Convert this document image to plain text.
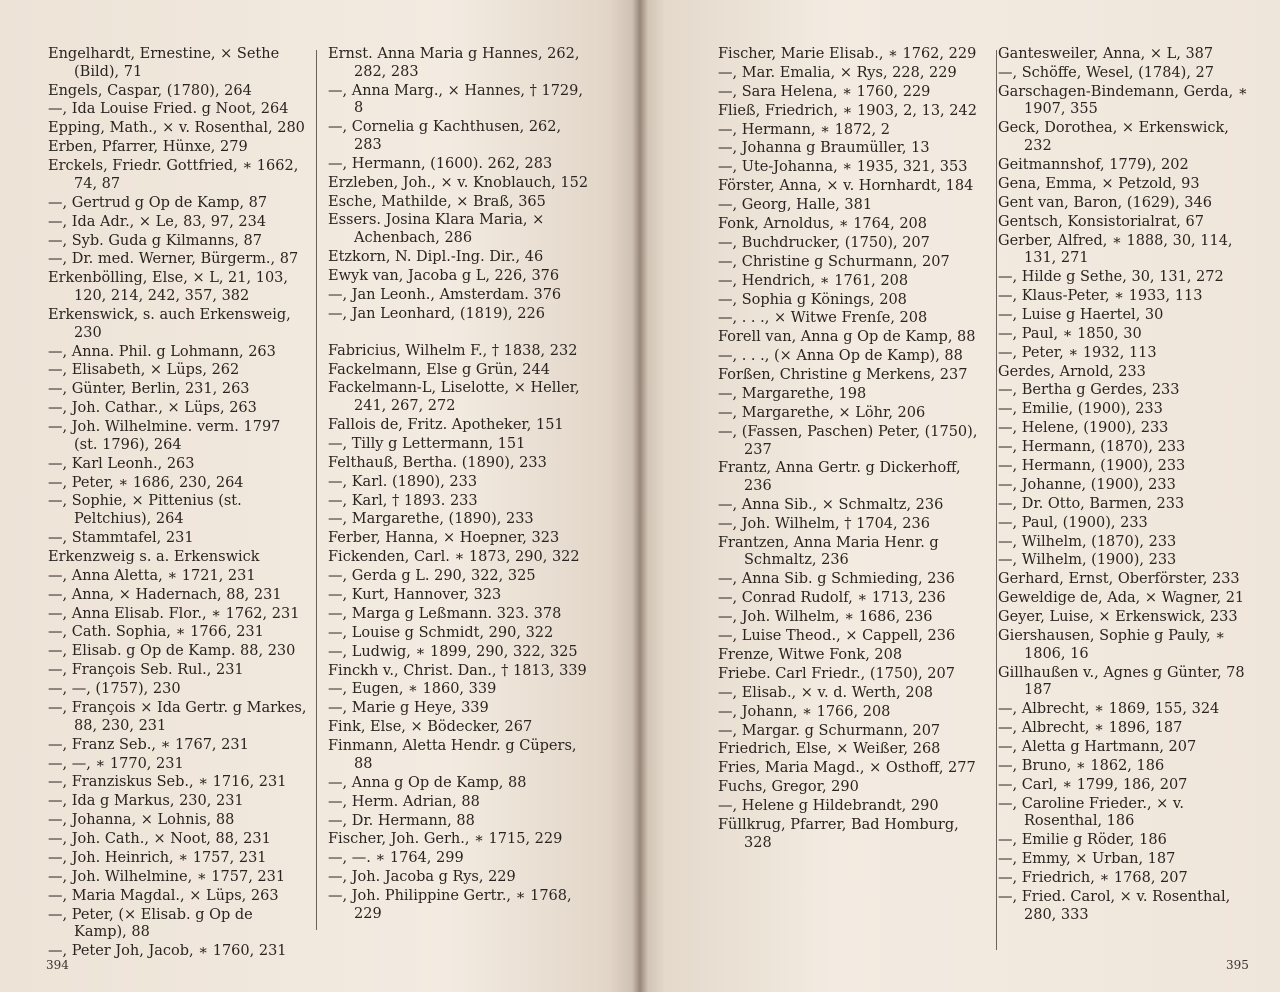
Engelhardt, Ernestine, × Sethe (Bild), 71
Engels, Caspar, (1780), 264
—, Ida Louise Fried. g Noot, 264
Epping, Math., × v. Rosenthal, 280
Erben, Pfarrer, Hünxe, 279
Erckels, Friedr. Gottfried, ∗ 1662, 74, 87
—, Gertrud g Op de Kamp, 87
—, Ida Adr., × Le, 83, 97, 234
—, Syb. Guda g Kilmanns, 87
—, Dr. med. Werner, Bürgerm., 87
Erkenbölling, Else, × L, 21, 103, 120, 214, 242, 357, 382
Erkenswick, s. auch Erkensweig, 230
—, Anna. Phil. g Lohmann, 263
—, Elisabeth, × Lüps, 262
—, Günter, Berlin, 231, 263
—, Joh. Cathar., × Lüps, 263
—, Joh. Wilhelmine. verm. 1797 (st. 1796), 264
—, Karl Leonh., 263
—, Peter, ∗ 1686, 230, 264
—, Sophie, × Pittenius (st. Peltchius), 264
—, Stammtafel, 231
Erkenzweig s. a. Erkenswick
—, Anna Aletta, ∗ 1721, 231
—, Anna, × Hadernach, 88, 231
—, Anna Elisab. Flor., ∗ 1762, 231
—, Cath. Sophia, ∗ 1766, 231
—, Elisab. g Op de Kamp. 88, 230
—, François Seb. Rul., 231
—, —, (1757), 230
—, François × Ida Gertr. g Markes, 88, 230, 231
—, Franz Seb., ∗ 1767, 231
—, —, ∗ 1770, 231
—, Franziskus Seb., ∗ 1716, 231
—, Ida g Markus, 230, 231
—, Johanna, × Lohnis, 88
—, Joh. Cath., × Noot, 88, 231
—, Joh. Heinrich, ∗ 1757, 231
—, Joh. Wilhelmine, ∗ 1757, 231
—, Maria Magdal., × Lüps, 263
—, Peter, (× Elisab. g Op de Kamp), 88
—, Peter Joh, Jacob, ∗ 1760, 231
Ernst. Anna Maria g Hannes, 262, 282, 283
—, Anna Marg., × Hannes, † 1729, 8
—, Cornelia g Kachthusen, 262, 283
—, Hermann, (1600). 262, 283
Erzleben, Joh., × v. Knoblauch, 152
Esche, Mathilde, × Braß, 365
Essers. Josina Klara Maria, × Achenbach, 286
Etzkorn, N. Dipl.-Ing. Dir., 46
Ewyk van, Jacoba g L, 226, 376
—, Jan Leonh., Amsterdam. 376
—, Jan Leonhard, (1819), 226
Fabricius, Wilhelm F., † 1838, 232
Fackelmann, Else g Grün, 244
Fackelmann-L, Liselotte, × Heller, 241, 267, 272
Fallois de, Fritz. Apotheker, 151
—, Tilly g Lettermann, 151
Felthauß, Bertha. (1890), 233
—, Karl. (1890), 233
—, Karl, † 1893. 233
—, Margarethe, (1890), 233
Ferber, Hanna, × Hoepner, 323
Fickenden, Carl. ∗ 1873, 290, 322
—, Gerda g L. 290, 322, 325
—, Kurt, Hannover, 323
—, Marga g Leßmann. 323. 378
—, Louise g Schmidt, 290, 322
—, Ludwig, ∗ 1899, 290, 322, 325
Finckh v., Christ. Dan., † 1813, 339
—, Eugen, ∗ 1860, 339
—, Marie g Heye, 339
Fink, Else, × Bödecker, 267
Finmann, Aletta Hendr. g Cüpers, 88
—, Anna g Op de Kamp, 88
—, Herm. Adrian, 88
—, Dr. Hermann, 88
Fischer, Joh. Gerh., ∗ 1715, 229
—, —. ∗ 1764, 299
—, Joh. Jacoba g Rys, 229
—, Joh. Philippine Gertr., ∗ 1768, 229
394
Fischer, Marie Elisab., ∗ 1762, 229
—, Mar. Emalia, × Rys, 228, 229
—, Sara Helena, ∗ 1760, 229
Fließ, Friedrich, ∗ 1903, 2, 13, 242
—, Hermann, ∗ 1872, 2
—, Johanna g Braumüller, 13
—, Ute-Johanna, ∗ 1935, 321, 353
Förster, Anna, × v. Hornhardt, 184
—, Georg, Halle, 381
Fonk, Arnoldus, ∗ 1764, 208
—, Buchdrucker, (1750), 207
—, Christine g Schurmann, 207
—, Hendrich, ∗ 1761, 208
—, Sophia g Könings, 208
—, . . ., × Witwe Frenſe, 208
Forell van, Anna g Op de Kamp, 88
—, . . ., (× Anna Op de Kamp), 88
Forßen, Christine g Merkens, 237
—, Margarethe, 198
—, Margarethe, × Löhr, 206
—, (Fassen, Paschen) Peter, (1750), 237
Frantz, Anna Gertr. g Dickerhoff, 236
—, Anna Sib., × Schmaltz, 236
—, Joh. Wilhelm, † 1704, 236
Frantzen, Anna Maria Henr. g Schmaltz, 236
—, Anna Sib. g Schmieding, 236
—, Conrad Rudolf, ∗ 1713, 236
—, Joh. Wilhelm, ∗ 1686, 236
—, Luise Theod., × Cappell, 236
Frenze, Witwe Fonk, 208
Friebe. Carl Friedr., (1750), 207
—, Elisab., × v. d. Werth, 208
—, Johann, ∗ 1766, 208
—, Margar. g Schurmann, 207
Friedrich, Else, × Weißer, 268
Fries, Maria Magd., × Osthoff, 277
Fuchs, Gregor, 290
—, Helene g Hildebrandt, 290
Füllkrug, Pfarrer, Bad Homburg, 328
Ganteswеiler, Anna, × L, 387
—, Schöffe, Wesel, (1784), 27
Garschagen-Bindemann, Gerda, ∗ 1907, 355
Geck, Dorothea, × Erkenswick, 232
Geitmannshof, 1779), 202
Gena, Emma, × Petzold, 93
Gent van, Baron, (1629), 346
Gentsch, Konsistorialrat, 67
Gerber, Alfred, ∗ 1888, 30, 114, 131, 271
—, Hilde g Sethe, 30, 131, 272
—, Klaus-Peter, ∗ 1933, 113
—, Luise g Haertel, 30
—, Paul, ∗ 1850, 30
—, Peter, ∗ 1932, 113
Gerdes, Arnold, 233
—, Bertha g Gerdes, 233
—, Emilie, (1900), 233
—, Helene, (1900), 233
—, Hermann, (1870), 233
—, Hermann, (1900), 233
—, Johanne, (1900), 233
—, Dr. Otto, Barmen, 233
—, Paul, (1900), 233
—, Wilhelm, (1870), 233
—, Wilhelm, (1900), 233
Gerhard, Ernst, Oberförster, 233
Geweldige de, Ada, × Wagner, 21
Geyer, Luise, × Erkenswick, 233
Giershausen, Sophie g Pauly, ∗ 1806, 16
Gillhaußen v., Agnes g Günter, 78 187
—, Albrecht, ∗ 1869, 155, 324
—, Albrecht, ∗ 1896, 187
—, Aletta g Hartmann, 207
—, Bruno, ∗ 1862, 186
—, Carl, ∗ 1799, 186, 207
—, Caroline Frieder., × v. Rosenthal, 186
—, Emilie g Röder, 186
—, Emmy, × Urban, 187
—, Friedrich, ∗ 1768, 207
—, Fried. Carol, × v. Rosenthal, 280, 333
395
